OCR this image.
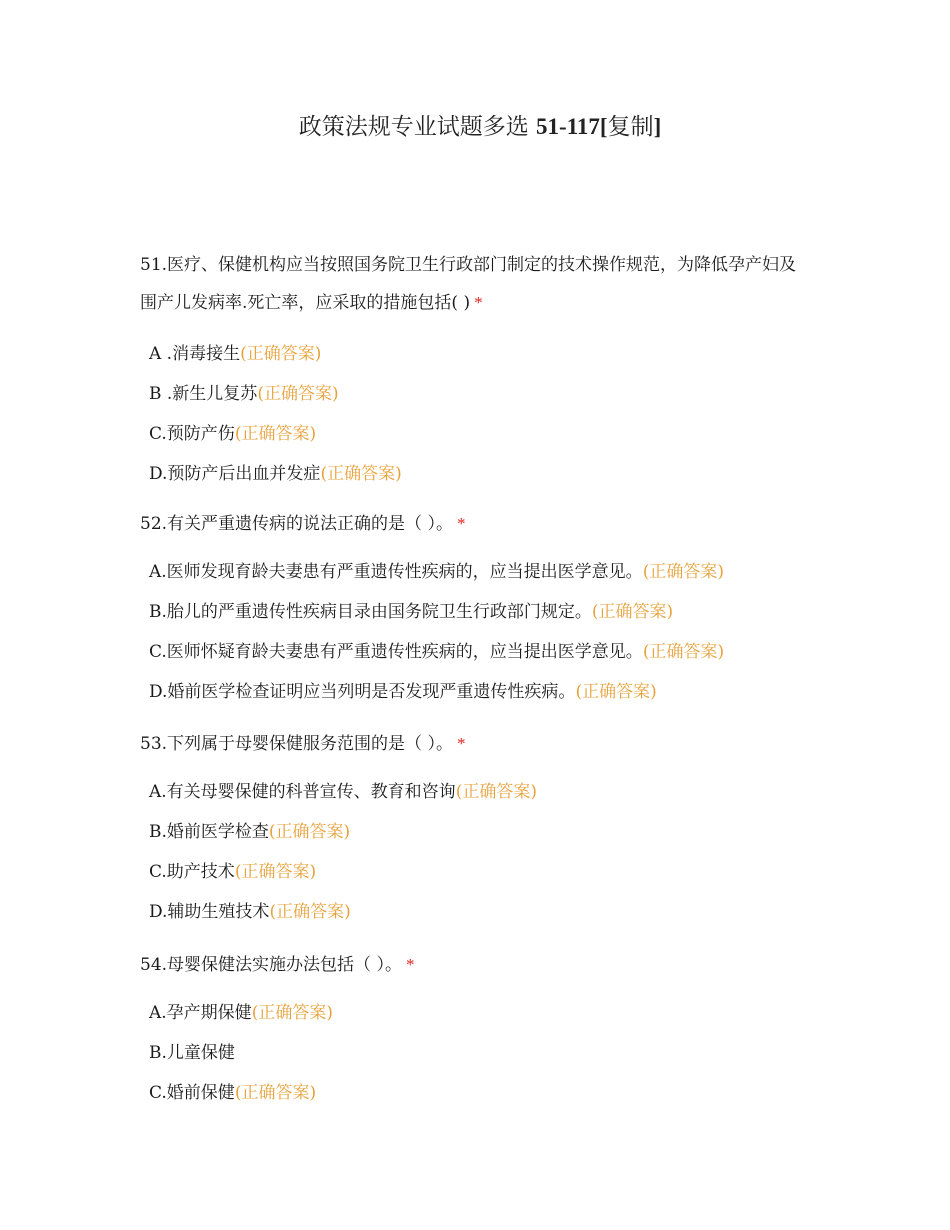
政策法规专业试题多选 51-117[复制]

51.医疗、保健机构应当按照国务院卫生行政部门制定的技术操作规范，为降低孕产妇及围产儿发病率.死亡率，应采取的措施包括( ) *

A .消毒接生 (正确答案)
B .新生儿复苏 (正确答案)
C.预防产伤 (正确答案)
D.预防产后出血并发症 (正确答案)

52.有关严重遗传病的说法正确的是（ ）。 *

A.医师发现育龄夫妻患有严重遗传性疾病的，应当提出医学意见。 (正确答案)
B.胎儿的严重遗传性疾病目录由国务院卫生行政部门规定。 (正确答案)
C.医师怀疑育龄夫妻患有严重遗传性疾病的，应当提出医学意见。 (正确答案)
D.婚前医学检查证明应当列明是否发现严重遗传性疾病。 (正确答案)

53.下列属于母婴保健服务范围的是（ ）。 *

A.有关母婴保健的科普宣传、教育和咨询 (正确答案)
B.婚前医学检查 (正确答案)
C.助产技术 (正确答案)
D.辅助生殖技术 (正确答案)

54.母婴保健法实施办法包括（ ）。 *

A.孕产期保健 (正确答案)
B.儿童保健
C.婚前保健 (正确答案)
